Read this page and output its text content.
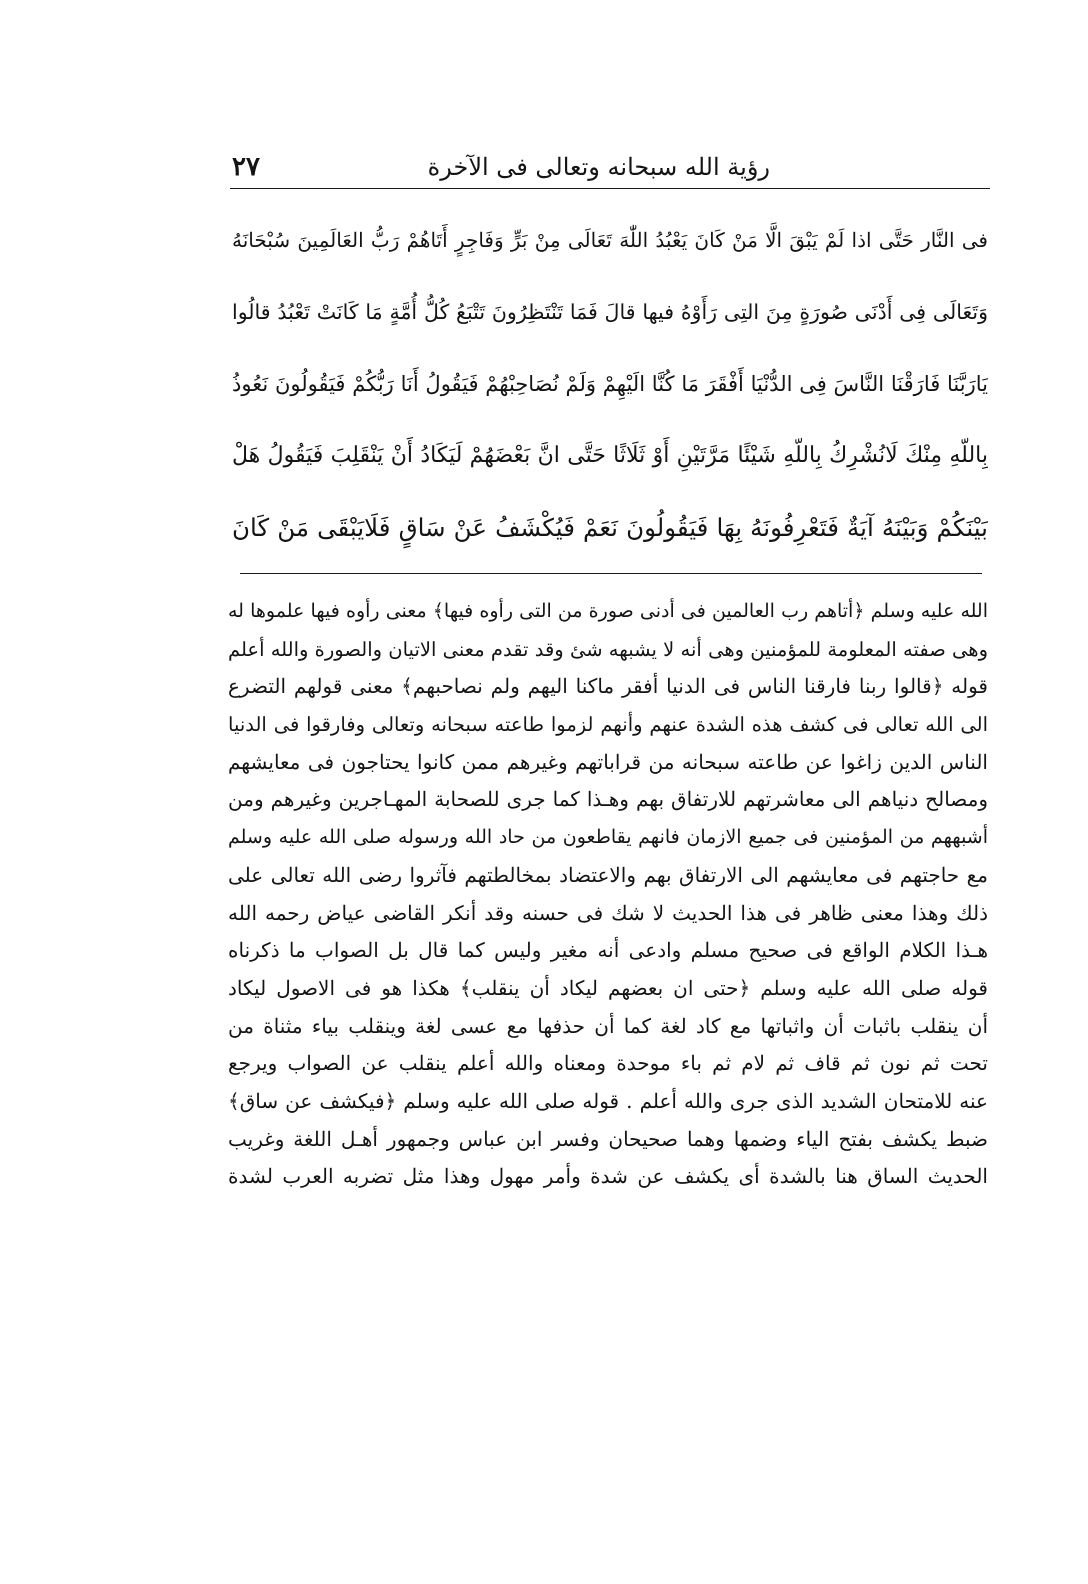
رؤية الله سبحانه وتعالى فى الآخرة
٢٧
فى النَّار حَتَّى اذا لَمْ يَبْقَ الَّا مَنْ كَانَ يَعْبُدُ اللّٰهَ تَعَالَى مِنْ بَرٍّ وَفَاجِرٍ أَتَاهُمْ رَبُّ العَالَمِينَ سُبْحَانَهُ
وَتَعَالَى فِى أَدْنَى صُورَةٍ مِنَ التِى رَأَوْهُ فيها قالَ فَمَا تَنْتَظِرُونَ تَتْبَعُ كُلُّ أُمَّةٍ مَا كَانَتْ تَعْبُدُ قالُوا
يَارَبَّنَا فَارَقْنَا النَّاسَ فِى الدُّنْيَا أَفْقَرَ مَا كُنَّا الَيْهِمْ وَلَمْ نُصَاحِبْهُمْ فَيَقُولُ أَنَا رَبُّكُمْ فَيَقُولُونَ نَعُوذُ
بِاللّهِ مِنْكَ لَانُشْرِكُ بِاللّهِ شَيْئًا مَرَّتَيْنِ أَوْ ثَلَاثًا حَتَّى انَّ بَعْضَهُمْ لَيَكَادُ أَنْ يَنْقَلِبَ فَيَقُولُ هَلْ
بَيْنَكُمْ وَبَيْنَهُ آيَةٌ فَتَعْرِفُونَهُ بِهَا فَيَقُولُونَ نَعَمْ فَيُكْشَفُ عَنْ سَاقٍ فَلَايَبْقَى مَنْ كَانَ
الله عليه وسلم ﴿أتاهم رب العالمين فى أدنى صورة من التى رأوه فيها﴾ معنى رأوه فيها علموها له
وهى صفته المعلومة للمؤمنين وهى أنه لا يشبهه شئ وقد تقدم معنى الاتيان والصورة والله أعلم
قوله ﴿قالوا ربنا فارقنا الناس فى الدنيا أفقر ماكنا اليهم ولم نصاحبهم﴾ معنى قولهم التضرع
الى الله تعالى فى كشف هذه الشدة عنهم وأنهم لزموا طاعته سبحانه وتعالى وفارقوا فى الدنيا
الناس الدين زاغوا عن طاعته سبحانه من قراباتهم وغيرهم ممن كانوا يحتاجون فى معايشهم
ومصالح دنياهم الى معاشرتهم للارتفاق بهم وهـذا كما جرى للصحابة المهـاجرين وغيرهم ومن
أشبههم من المؤمنين فى جميع الازمان فانهم يقاطعون من حاد الله ورسوله صلى الله عليه وسلم
مع حاجتهم فى معايشهم الى الارتفاق بهم والاعتضاد بمخالطتهم فآثروا رضى الله تعالى على
ذلك وهذا معنى ظاهر فى هذا الحديث لا شك فى حسنه وقد أنكر القاضى عياض رحمه الله
هـذا الكلام الواقع فى صحيح مسلم وادعى أنه مغير وليس كما قال بل الصواب ما ذكرناه
قوله صلى الله عليه وسلم ﴿حتى ان بعضهم ليكاد أن ينقلب﴾ هكذا هو فى الاصول ليكاد
أن ينقلب باثبات أن واثباتها مع كاد لغة كما أن حذفها مع عسى لغة وينقلب بياء مثناة من
تحت ثم نون ثم قاف ثم لام ثم باء موحدة ومعناه والله أعلم ينقلب عن الصواب ويرجع
عنه للامتحان الشديد الذى جرى والله أعلم . قوله صلى الله عليه وسلم ﴿فيكشف عن ساق﴾
ضبط يكشف بفتح الياء وضمها وهما صحيحان وفسر ابن عباس وجمهور أهـل اللغة وغريب
الحديث الساق هنا بالشدة أى يكشف عن شدة وأمر مهول وهذا مثل تضربه العرب لشدة
